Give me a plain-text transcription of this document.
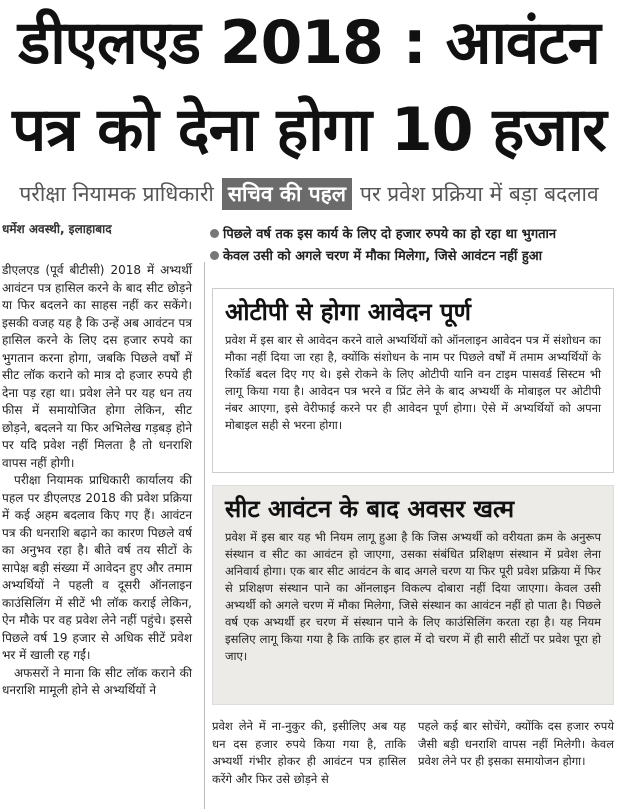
डीएलएड 2018 : आवंटन
पत्र को देना होगा 10 हजार
परीक्षा नियामक प्राधिकारी सचिव की पहल पर प्रवेश प्रक्रिया में बड़ा बदलाव
धर्मेश अवस्थी, इलाहाबाद	पिछले वर्ष तक इस कार्य के लिए दो हजार रुपये का हो रहा था भुगतान
केवल उसी को अगले चरण में मौका मिलेगा, जिसे आवंटन नहीं हुआ

डीएलएड (पूर्व बीटीसी) 2018 में अभ्यर्थी आवंटन पत्र हासिल करने के बाद सीट छोड़ने या फिर बदलने का साहस नहीं कर सकेंगे। इसकी वजह यह है कि उन्हें अब आवंटन पत्र हासिल करने के लिए दस हजार रुपये का भुगतान करना होगा, जबकि पिछले वर्षों में सीट लॉक कराने को मात्र दो हजार रुपये ही देना पड़ रहा था। प्रवेश लेने पर यह धन तय फीस में समायोजित होगा लेकिन, सीट छोड़ने, बदलने या फिर अभिलेख गड़बड़ होने पर यदि प्रवेश नहीं मिलता है तो धनराशि वापस नहीं होगी।

परीक्षा नियामक प्राधिकारी कार्यालय की पहल पर डीएलएड 2018 की प्रवेश प्रक्रिया में कई अहम बदलाव किए गए हैं। आवंटन पत्र की धनराशि बढ़ाने का कारण पिछले वर्ष का अनुभव रहा है। बीते वर्ष तय सीटों के सापेक्ष बड़ी संख्या में आवेदन हुए और तमाम अभ्यर्थियों ने पहली व दूसरी ऑनलाइन काउंसिलिंग में सीटें भी लॉक कराई लेकिन, ऐन मौके पर वह प्रवेश लेने नहीं पहुंचे। इससे पिछले वर्ष 19 हजार से अधिक सीटें प्रवेश भर में खाली रह गईं।

अफसरों ने माना कि सीट लॉक कराने की धनराशि मामूली होने से अभ्यर्थियों ने

ओटीपी से होगा आवेदन पूर्ण
प्रवेश में इस बार से आवेदन करने वाले अभ्यर्थियों को ऑनलाइन आवेदन पत्र में संशोधन का मौका नहीं दिया जा रहा है, क्योंकि संशोधन के नाम पर पिछले वर्षों में तमाम अभ्यर्थियों के रिकॉर्ड बदल दिए गए थे। इसे रोकने के लिए ओटीपी यानि वन टाइम पासवर्ड सिस्टम भी लागू किया गया है। आवेदन पत्र भरने व प्रिंट लेने के बाद अभ्यर्थी के मोबाइल पर ओटीपी नंबर आएगा, इसे वेरीफाई करने पर ही आवेदन पूर्ण होगा। ऐसे में अभ्यर्थियों को अपना मोबाइल सही से भरना होगा।
सीट आवंटन के बाद अवसर खत्म
प्रवेश में इस बार यह भी नियम लागू हुआ है कि जिस अभ्यर्थी को वरीयता क्रम के अनुरूप संस्थान व सीट का आवंटन हो जाएगा, उसका संबंधित प्रशिक्षण संस्थान में प्रवेश लेना अनिवार्य होगा। एक बार सीट आवंटन के बाद अगले चरण या फिर पूरी प्रवेश प्रक्रिया में फिर से प्रशिक्षण संस्थान पाने का ऑनलाइन विकल्प दोबारा नहीं दिया जाएगा। केवल उसी अभ्यर्थी को अगले चरण में मौका मिलेगा, जिसे संस्थान का आवंटन नहीं हो पाता है। पिछले वर्ष एक अभ्यर्थी हर चरण में संस्थान पाने के लिए काउंसिलिंग करता रहा है। यह नियम इसलिए लागू किया गया है कि ताकि हर हाल में दो चरण में ही सारी सीटों पर प्रवेश पूरा हो जाए।
प्रवेश लेने में ना-नुकुर की, इसीलिए अब यह धन दस हजार रुपये किया गया है, ताकि अभ्यर्थी गंभीर होकर ही आवंटन पत्र हासिल करेंगे और फिर उसे छोड़ने से
पहले कई बार सोचेंगे, क्योंकि दस हजार रुपये जैसी बड़ी धनराशि वापस नहीं मिलेगी। केवल प्रवेश लेने पर ही इसका समायोजन होगा।
